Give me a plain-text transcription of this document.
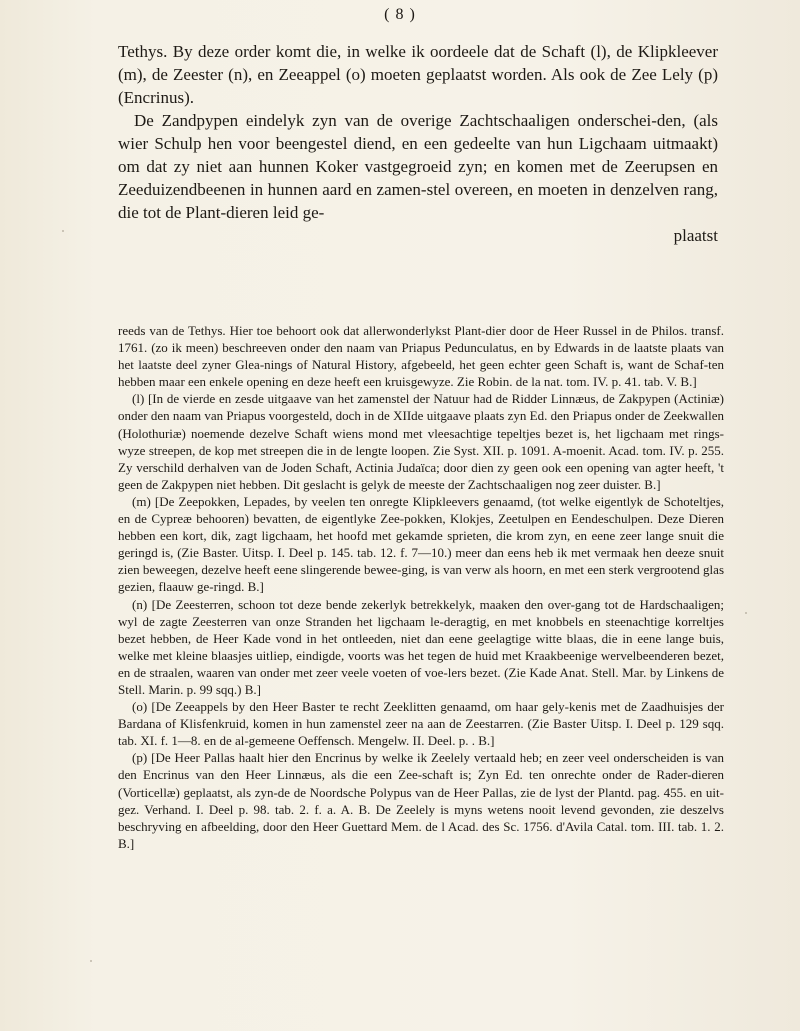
( 8 )

Tethys. By deze order komt die, in welke ik oordeele dat de Schaft (l), de Klipkleever (m), de Zeester (n), en Zeeappel (o) moeten geplaatst worden. Als ook de Zee Lely (p) (Encrinus).

De Zandpypen eindelyk zyn van de overige Zachtschaaligen onderschei-den, (als wier Schulp hen voor beengestel diend, en een gedeelte van hun Ligchaam uitmaakt) om dat zy niet aan hunnen Koker vastgegroeid zyn; en komen met de Zeerupsen en Zeeduizendbeenen in hunnen aard en zamen-stel overeen, en moeten in denzelven rang, die tot de Plant-dieren leid ge-

plaatst

reeds van de Tethys. Hier toe behoort ook dat allerwonderlykst Plant-dier door de Heer Russel in de Philos. transf. 1761. (zo ik meen) beschreeven onder den naam van Priapus Pedunculatus, en by Edwards in de laatste plaats van het laatste deel zyner Glea-nings of Natural History, afgebeeld, het geen echter geen Schaft is, want de Schaf-ten hebben maar een enkele opening en deze heeft een kruisgewyze. Zie Robin. de la nat. tom. IV. p. 41. tab. V. B.]

(l) [In de vierde en zesde uitgaave van het zamenstel der Natuur had de Ridder Linnæus, de Zakpypen (Actiniæ) onder den naam van Priapus voorgesteld, doch in de XIIde uitgaave plaats zyn Ed. den Priapus onder de Zeekwallen (Holothuriæ) noemende dezelve Schaft wiens mond met vleesachtige tepeltjes bezet is, het ligchaam met rings-wyze streepen, de kop met streepen die in de lengte loopen. Zie Syst. XII. p. 1091. A-moenit. Acad. tom. IV. p. 255. Zy verschild derhalven van de Joden Schaft, Actinia Judaïca; door dien zy geen ook een opening van agter heeft, 't geen de Zakpypen niet hebben. Dit geslacht is gelyk de meeste der Zachtschaaligen nog zeer duister. B.]

(m) [De Zeepokken, Lepades, by veelen ten onregte Klipkleevers genaamd, (tot welke eigentlyk de Schoteltjes, en de Cypreæ behooren) bevatten, de eigentlyke Zee-pokken, Klokjes, Zeetulpen en Eendeschulpen. Deze Dieren hebben een kort, dik, zagt ligchaam, het hoofd met gekamde sprieten, die krom zyn, en eene zeer lange snuit die geringd is, (Zie Baster. Uitsp. I. Deel p. 145. tab. 12. f. 7—10.) meer dan eens heb ik met vermaak hen deeze snuit zien beweegen, dezelve heeft eene slingerende bewee-ging, is van verw als hoorn, en met een sterk vergrootend glas gezien, flaauw ge-ringd. B.]

(n) [De Zeesterren, schoon tot deze bende zekerlyk betrekkelyk, maaken den over-gang tot de Hardschaaligen; wyl de zagte Zeesterren van onze Stranden het ligchaam le-deragtig, en met knobbels en steenachtige korreltjes bezet hebben, de Heer Kade vond in het ontleeden, niet dan eene geelagtige witte blaas, die in eene lange buis, welke met kleine blaasjes uitliep, eindigde, voorts was het tegen de huid met Kraakbeenige wervelbeenderen bezet, en de straalen, waaren van onder met zeer veele voeten of voe-lers bezet. (Zie Kade Anat. Stell. Mar. by Linkens de Stell. Marin. p. 99 sqq.) B.]

(o) [De Zeeappels by den Heer Baster te recht Zeeklitten genaamd, om haar gely-kenis met de Zaadhuisjes der Bardana of Klisfenkruid, komen in hun zamenstel zeer na aan de Zeestarren. (Zie Baster Uitsp. I. Deel p. 129 sqq. tab. XI. f. 1—8. en de al-gemeene Oeffensch. Mengelw. II. Deel. p. . B.]

(p) [De Heer Pallas haalt hier den Encrinus by welke ik Zeelely vertaald heb; en zeer veel onderscheiden is van den Encrinus van den Heer Linnæus, als die een Zee-schaft is; Zyn Ed. ten onrechte onder de Rader-dieren (Vorticellæ) geplaatst, als zyn-de de Noordsche Polypus van de Heer Pallas, zie de lyst der Plantd. pag. 455. en uit-gez. Verhand. I. Deel p. 98. tab. 2. f. a. A. B. De Zeelely is myns wetens nooit levend gevonden, zie deszelvs beschryving en afbeelding, door den Heer Guettard Mem. de l Acad. des Sc. 1756. d'Avila Catal. tom. III. tab. 1. 2. B.]
